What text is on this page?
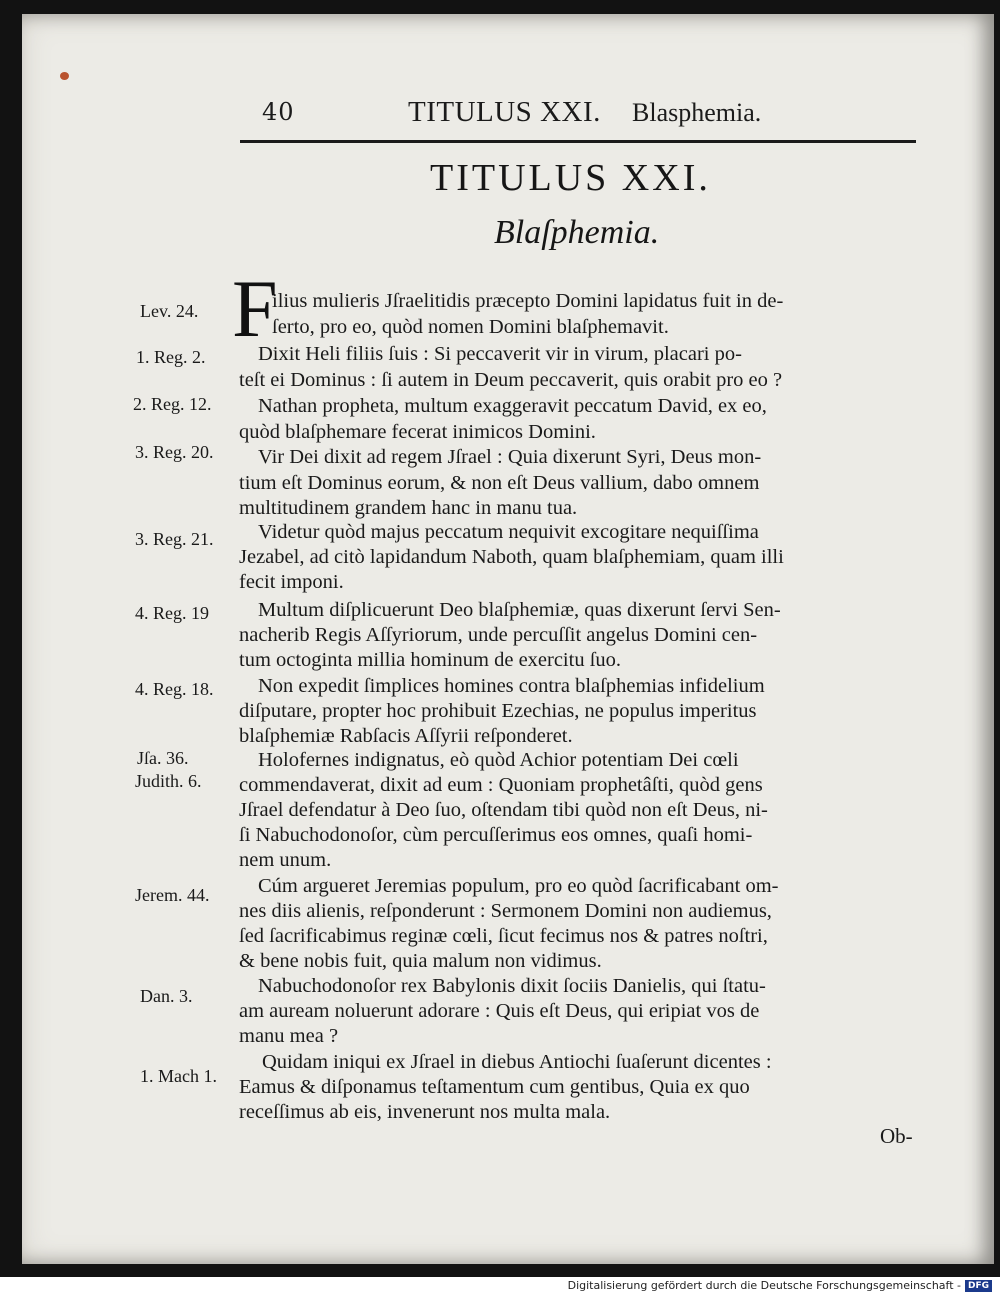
40	TITULUS XXI. Blasphemia.
TITULUS XXI.
Blaſphemia.
F
Lev. 24.
1. Reg. 2.
2. Reg. 12.
3. Reg. 20.
3. Reg. 21.
4. Reg. 19
4. Reg. 18.
Jſa. 36.
Judith. 6.
Jerem. 44.
Dan. 3.
1. Mach 1.
ilius mulieris Jſraelitidis præcepto Domini lapidatus fuit in de-
ſerto, pro eo, quòd nomen Domini blaſphemavit.
Dixit Heli filiis ſuis : Si peccaverit vir in virum, placari po-
teſt ei Dominus : ſi autem in Deum peccaverit, quis orabit pro eo ?
Nathan propheta, multum exaggeravit peccatum David, ex eo,
quòd blaſphemare fecerat inimicos Domini.
Vir Dei dixit ad regem Jſrael : Quia dixerunt Syri, Deus mon-
tium eſt Dominus eorum, & non eſt Deus vallium, dabo omnem
multitudinem grandem hanc in manu tua.
Videtur quòd majus peccatum nequivit excogitare nequiſſima
Jezabel, ad citò lapidandum Naboth, quam blaſphemiam, quam illi
fecit imponi.
Multum diſplicuerunt Deo blaſphemiæ, quas dixerunt ſervi Sen-
nacherib Regis Aſſyriorum, unde percuſſit angelus Domini cen-
tum octoginta millia hominum de exercitu ſuo.
Non expedit ſimplices homines contra blaſphemias infidelium
diſputare, propter hoc prohibuit Ezechias, ne populus imperitus
blaſphemiæ Rabſacis Aſſyrii reſponderet.
Holofernes indignatus, eò quòd Achior potentiam Dei cœli
commendaverat, dixit ad eum : Quoniam prophetâſti, quòd gens
Jſrael defendatur à Deo ſuo, oſtendam tibi quòd non eſt Deus, ni-
ſi Nabuchodonoſor, cùm percuſſerimus eos omnes, quaſi homi-
nem unum.
Cúm argueret Jeremias populum, pro eo quòd ſacrificabant om-
nes diis alienis, reſponderunt : Sermonem Domini non audiemus,
ſed ſacrificabimus reginæ cœli, ſicut fecimus nos & patres noſtri,
& bene nobis fuit, quia malum non vidimus.
Nabuchodonoſor rex Babylonis dixit ſociis Danielis, qui ſtatu-
am auream noluerunt adorare : Quis eſt Deus, qui eripiat vos de
manu mea ?
Quidam iniqui ex Jſrael in diebus Antiochi ſuaſerunt dicentes :
Eamus & diſponamus teſtamentum cum gentibus, Quia ex quo
receſſimus ab eis, invenerunt nos multa mala.
Ob-
Digitalisierung gefördert durch die Deutsche Forschungsgemeinschaft - DFG
